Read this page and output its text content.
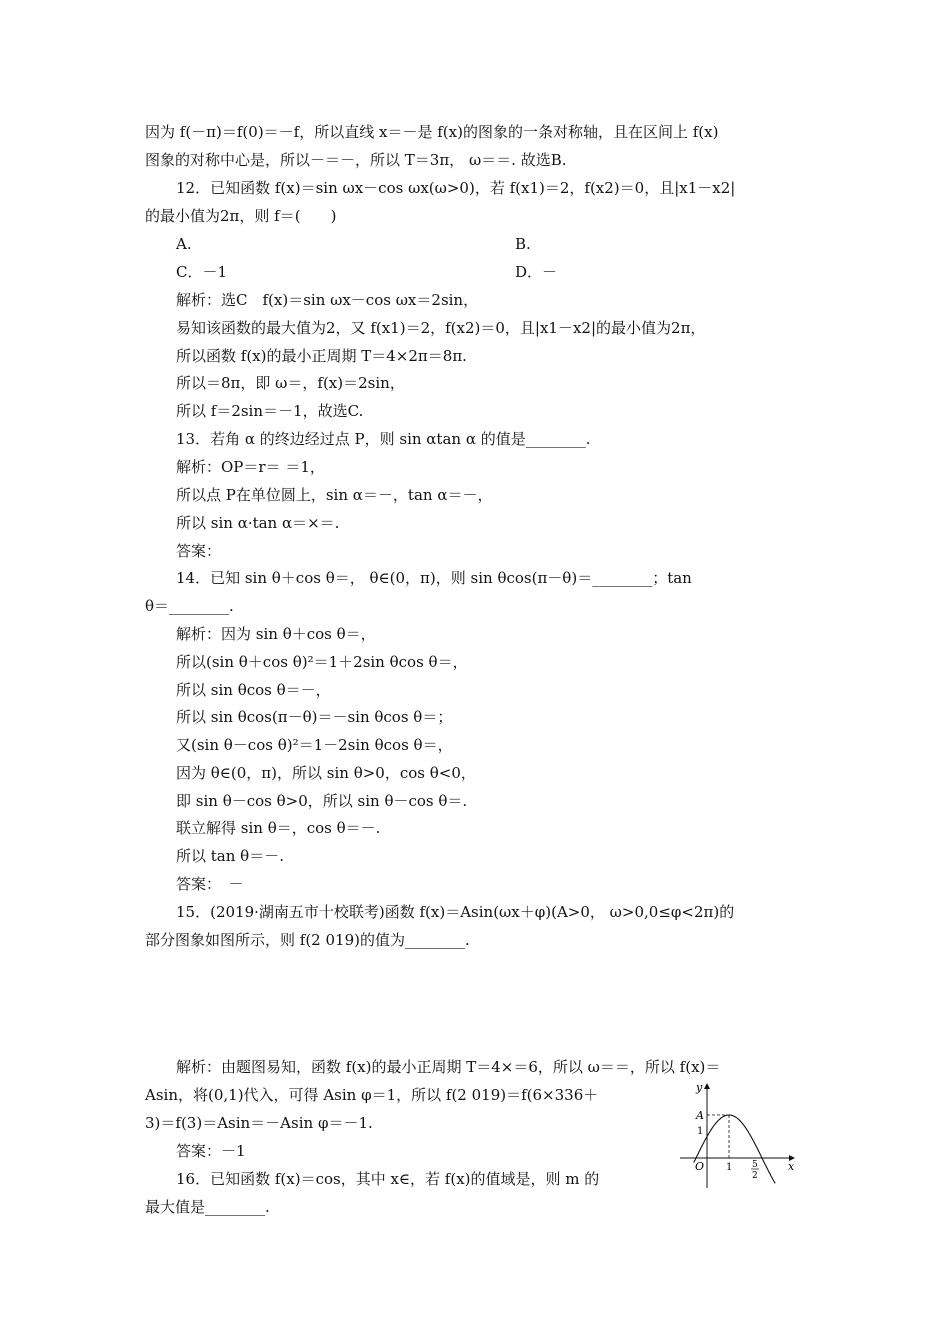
因为 f(－π)＝f(0)＝－f，所以直线 x＝－是 f(x)的图象的一条对称轴，且在区间上 f(x)
图象的对称中心是，所以－＝－，所以 T＝3π， ω＝＝. 故选B.
12．已知函数 f(x)＝sin ωx－cos ωx(ω>0)，若 f(x1)＝2，f(x2)＝0，且|x1－x2|
的最小值为2π，则 f＝(　　)
A.	B.
C．－1	D．－
解析：选C　f(x)＝sin ωx－cos ωx＝2sin，
易知该函数的最大值为2，又 f(x1)＝2，f(x2)＝0，且|x1－x2|的最小值为2π，
所以函数 f(x)的最小正周期 T＝4×2π＝8π.
所以＝8π，即 ω＝，f(x)＝2sin，
所以 f＝2sin＝－1，故选C.
13．若角 α 的终边经过点 P，则 sin αtan α 的值是________.
解析：OP＝r＝ ＝1，
所以点 P在单位圆上，sin α＝－，tan α＝－，
所以 sin α·tan α＝×＝.
答案：
14．已知 sin θ＋cos θ＝， θ∈(0，π)，则 sin θcos(π－θ)＝________；tan
θ＝________.
解析：因为 sin θ＋cos θ＝，
所以(sin θ＋cos θ)²＝1＋2sin θcos θ＝，
所以 sin θcos θ＝－，
所以 sin θcos(π－θ)＝－sin θcos θ＝；
又(sin θ－cos θ)²＝1－2sin θcos θ＝，
因为 θ∈(0，π)，所以 sin θ>0，cos θ<0，
即 sin θ－cos θ>0，所以 sin θ－cos θ＝.
联立解得 sin θ＝，cos θ＝－.
所以 tan θ＝－.
答案：　－
15．(2019·湖南五市十校联考)函数 f(x)＝Asin(ωx＋φ)(A>0， ω>0,0≤φ<2π)的
部分图象如图所示，则 f(2 019)的值为________.
解析：由题图易知，函数 f(x)的最小正周期 T＝4×＝6，所以 ω＝＝，所以 f(x)＝
Asin，将(0,1)代入，可得 Asin φ＝1，所以 f(2 019)＝f(6×336＋
3)＝f(3)＝Asin＝－Asin φ＝－1.
答案：－1
16．已知函数 f(x)＝cos，其中 x∈，若 f(x)的值域是，则 m 的
最大值是________.
y
x
O
A
1
1 5
2
